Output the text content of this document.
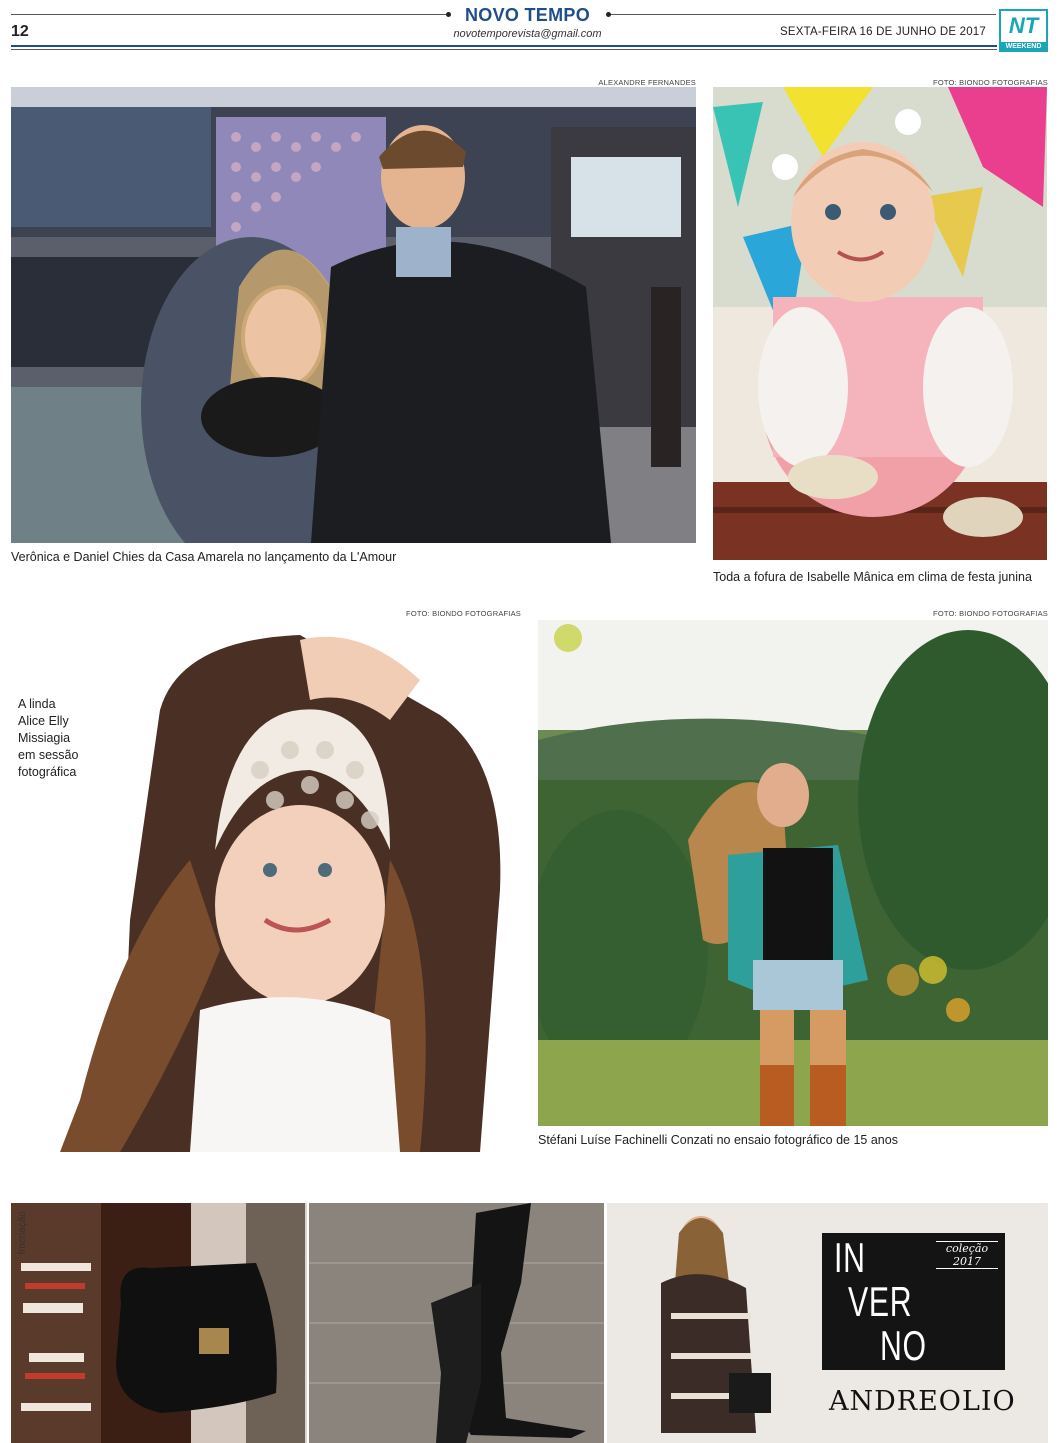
NOVO TEMPO
novotemporevista@gmail.com
12	SEXTA-FEIRA 16 DE JUNHO DE 2017	NT
WEEKEND
ALEXANDRE FERNANDES
Verônica e Daniel Chies da Casa Amarela no lançamento da L'Amour
FOTO: BIONDO FOTOGRAFIAS
Toda a fofura de Isabelle Mânica em clima de festa junina
FOTO: BIONDO FOTOGRAFIAS
A linda
Alice Elly
Missiagia
em sessão
fotográfica
FOTO: BIONDO FOTOGRAFIAS
Stéfani Luíse Fachinelli Conzati no ensaio fotográfico de 15 anos
fmcriação
IN
VER
NO
coleção
2017
ANDREOLIO
